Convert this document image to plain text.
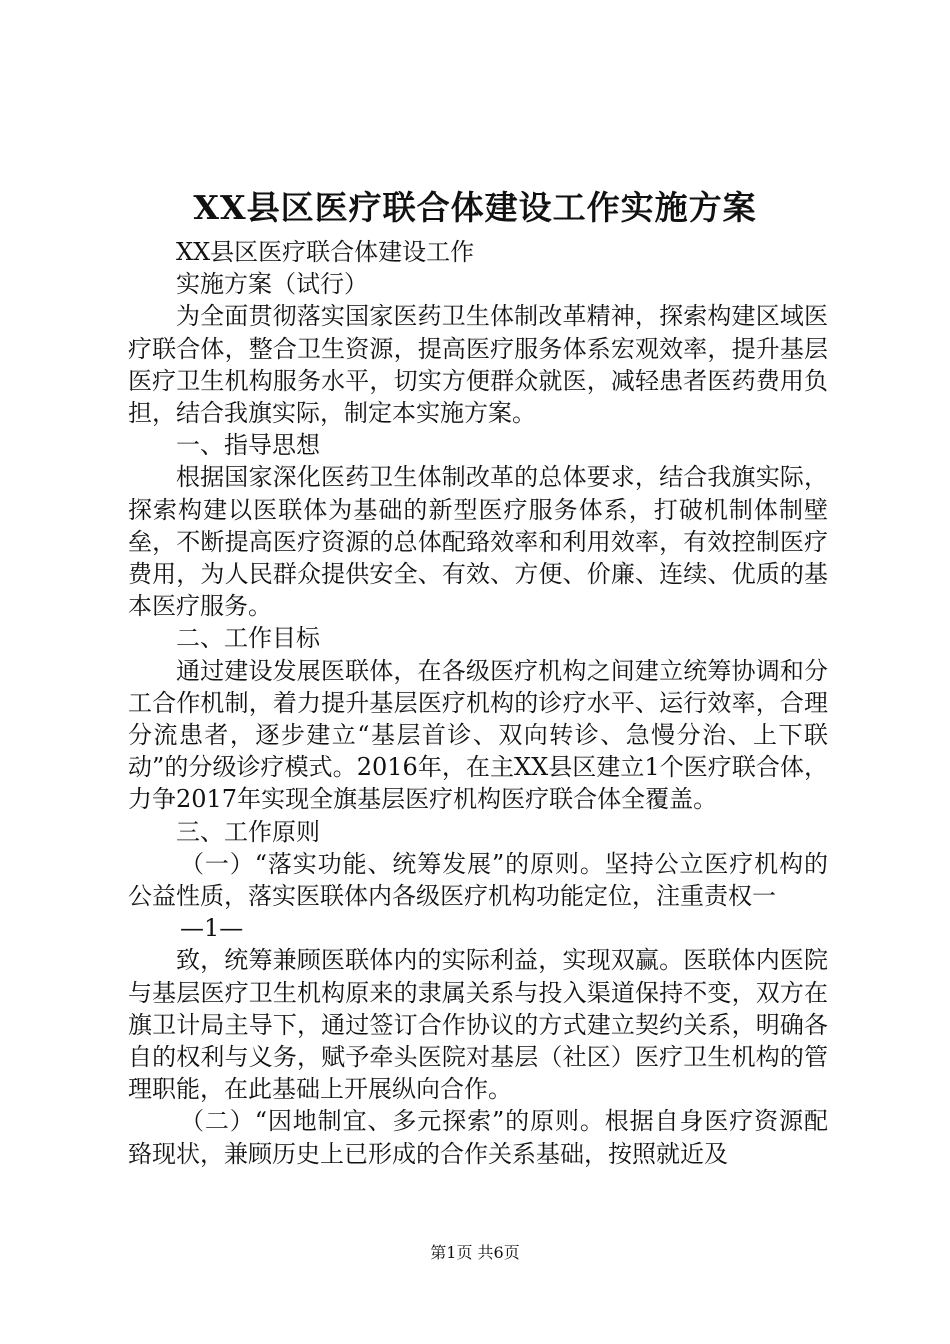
XX县区医疗联合体建设工作实施方案

XX县区医疗联合体建设工作

实施方案（试行）

为全面贯彻落实国家医药卫生体制改革精神，探索构建区域医疗联合体，整合卫生资源，提高医疗服务体系宏观效率，提升基层医疗卫生机构服务水平，切实方便群众就医，减轻患者医药费用负担，结合我旗实际，制定本实施方案。

一、指导思想

根据国家深化医药卫生体制改革的总体要求，结合我旗实际，探索构建以医联体为基础的新型医疗服务体系，打破机制体制壁垒，不断提高医疗资源的总体配臵效率和利用效率，有效控制医疗费用，为人民群众提供安全、有效、方便、价廉、连续、优质的基本医疗服务。

二、工作目标

通过建设发展医联体，在各级医疗机构之间建立统筹协调和分工合作机制，着力提升基层医疗机构的诊疗水平、运行效率，合理分流患者，逐步建立“基层首诊、双向转诊、急慢分治、上下联动”的分级诊疗模式。2016年，在主XX县区建立1个医疗联合体，力争2017年实现全旗基层医疗机构医疗联合体全覆盖。

三、工作原则

（一）“落实功能、统筹发展”的原则。坚持公立医疗机构的公益性质，落实医联体内各级医疗机构功能定位，注重责权一

—1—

致，统筹兼顾医联体内的实际利益，实现双赢。医联体内医院与基层医疗卫生机构原来的隶属关系与投入渠道保持不变，双方在旗卫计局主导下，通过签订合作协议的方式建立契约关系，明确各自的权利与义务，赋予牵头医院对基层（社区）医疗卫生机构的管理职能，在此基础上开展纵向合作。

（二）“因地制宜、多元探索”的原则。根据自身医疗资源配臵现状，兼顾历史上已形成的合作关系基础，按照就近及

第1页 共6页
